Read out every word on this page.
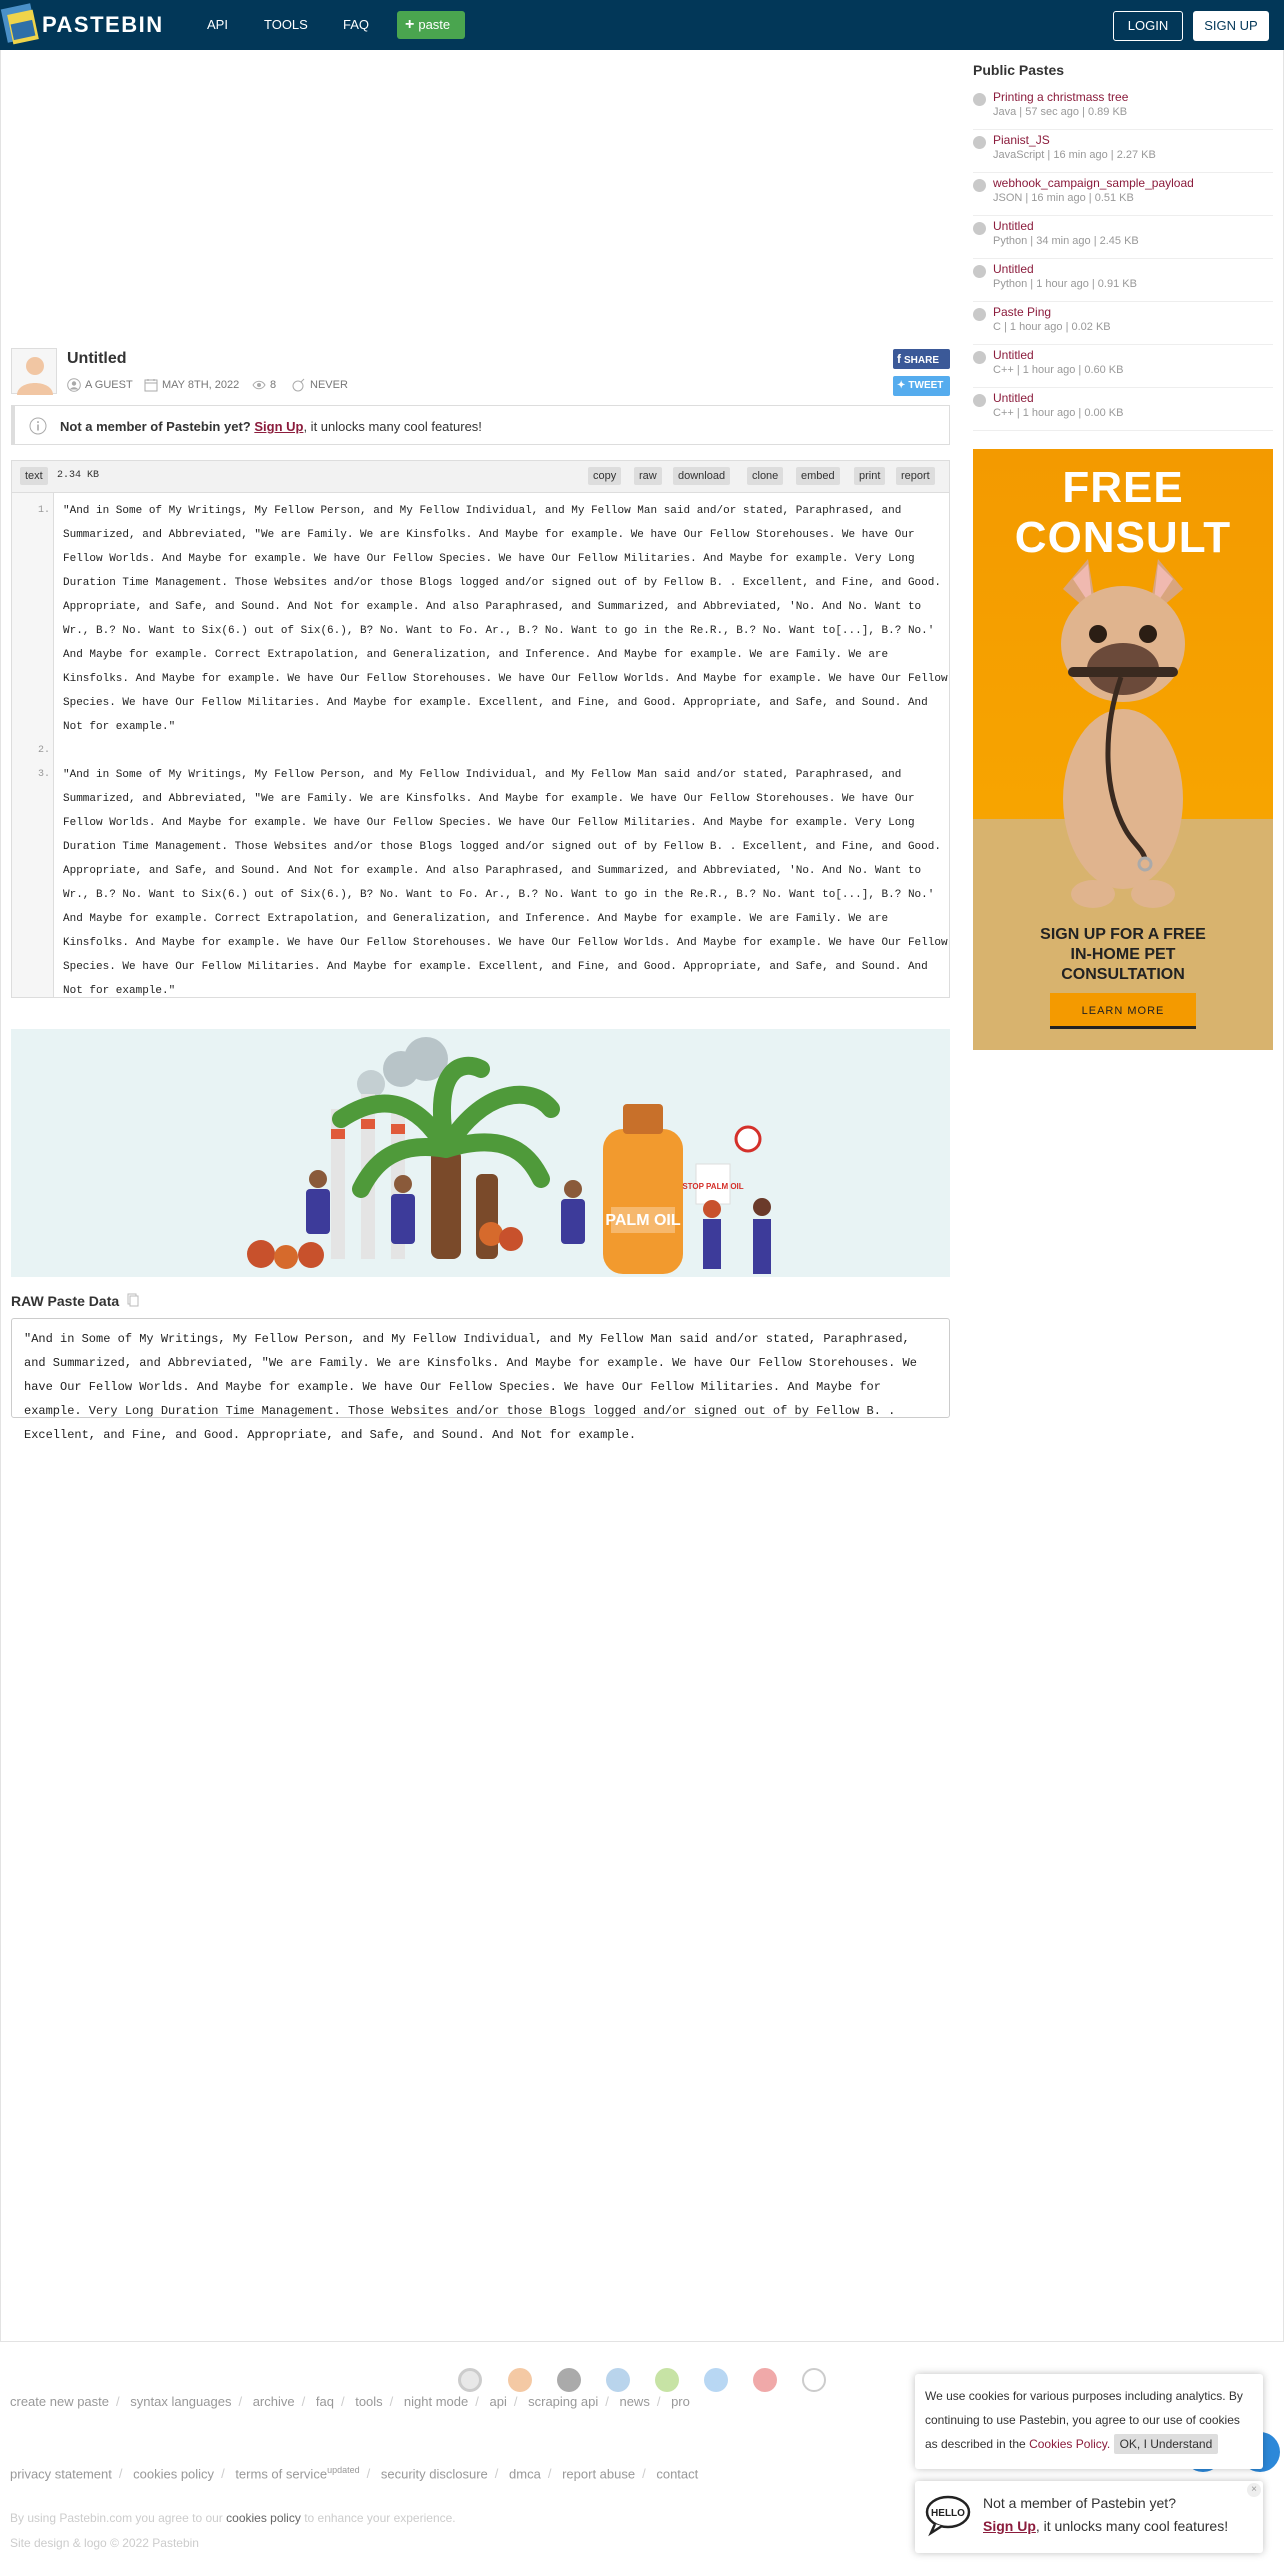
PASTEBIN	API	TOOLS	FAQ	+ paste	LOGIN	SIGN UP
Untitled
A GUEST	MAY 8TH, 2022	8	NEVER
f SHARE
✦ TWEET
Not a member of Pastebin yet? Sign Up, it unlocks many cool features!
text	2.34 KB	copy	raw	download	clone	embed	print	report
1.
2.
3.
"And in Some of My Writings, My Fellow Person, and My Fellow Individual, and My Fellow Man said and/or stated, Paraphrased, and Summarized, and Abbreviated, "We are Family. We are Kinsfolks. And Maybe for example. We have Our Fellow Storehouses. We have Our Fellow Worlds. And Maybe for example. We have Our Fellow Species. We have Our Fellow Militaries. And Maybe for example. Very Long Duration Time Management. Those Websites and/or those Blogs logged and/or signed out of by Fellow B. . Excellent, and Fine, and Good. Appropriate, and Safe, and Sound. And Not for example. And also Paraphrased, and Summarized, and Abbreviated, 'No. And No. Want to Wr., B.? No. Want to Six(6.) out of Six(6.), B? No. Want to Fo. Ar., B.? No. Want to go in the Re.R., B.? No. Want to[...], B.? No.' And Maybe for example. Correct Extrapolation, and Generalization, and Inference. And Maybe for example. We are Family. We are Kinsfolks. And Maybe for example. We have Our Fellow Storehouses. We have Our Fellow Worlds. And Maybe for example. We have Our Fellow Species. We have Our Fellow Militaries. And Maybe for example. Excellent, and Fine, and Good. Appropriate, and Safe, and Sound. And Not for example."
"And in Some of My Writings, My Fellow Person, and My Fellow Individual, and My Fellow Man said and/or stated, Paraphrased, and Summarized, and Abbreviated, "We are Family. We are Kinsfolks. And Maybe for example. We have Our Fellow Storehouses. We have Our Fellow Worlds. And Maybe for example. We have Our Fellow Species. We have Our Fellow Militaries. And Maybe for example. Very Long Duration Time Management. Those Websites and/or those Blogs logged and/or signed out of by Fellow B. . Excellent, and Fine, and Good. Appropriate, and Safe, and Sound. And Not for example. And also Paraphrased, and Summarized, and Abbreviated, 'No. And No. Want to Wr., B.? No. Want to Six(6.) out of Six(6.), B? No. Want to Fo. Ar., B.? No. Want to go in the Re.R., B.? No. Want to[...], B.? No.' And Maybe for example. Correct Extrapolation, and Generalization, and Inference. And Maybe for example. We are Family. We are Kinsfolks. And Maybe for example. We have Our Fellow Storehouses. We have Our Fellow Worlds. And Maybe for example. We have Our Fellow Species. We have Our Fellow Militaries. And Maybe for example. Excellent, and Fine, and Good. Appropriate, and Safe, and Sound. And Not for example."
PALM OIL
STOP PALM OIL
RAW Paste Data
"And in Some of My Writings, My Fellow Person, and My Fellow Individual, and My Fellow Man said and/or stated, Paraphrased, and Summarized, and Abbreviated, "We are Family. We are Kinsfolks. And Maybe for example. We have Our Fellow Storehouses. We have Our Fellow Worlds. And Maybe for example. We have Our Fellow Species. We have Our Fellow Militaries. And Maybe for example. Very Long Duration Time Management. Those Websites and/or those Blogs logged and/or signed out of by Fellow B. . Excellent, and Fine, and Good. Appropriate, and Safe, and Sound. And Not for example.
Public Pastes
Printing a christmass tree
Java | 57 sec ago | 0.89 KB
Pianist_JS
JavaScript | 16 min ago | 2.27 KB
webhook_campaign_sample_payload
JSON | 16 min ago | 0.51 KB
Untitled
Python | 34 min ago | 2.45 KB
Untitled
Python | 1 hour ago | 0.91 KB
Paste Ping
C | 1 hour ago | 0.02 KB
Untitled
C++ | 1 hour ago | 0.60 KB
Untitled
C++ | 1 hour ago | 0.00 KB
FREE
CONSULT
SIGN UP FOR A FREE
IN-HOME PET
CONSULTATION
LEARN MORE
create new paste / syntax languages / archive / faq / tools / night mode / api / scraping api / news / pro
privacy statement / cookies policy / terms of service$^{updated}$ / security disclosure / dmca / report abuse / contact
By using Pastebin.com you agree to our cookies policy to enhance your experience.
Site design & logo © 2022 Pastebin
We use cookies for various purposes including analytics. By continuing to use Pastebin, you agree to our use of cookies as described in the Cookies Policy. OK, I Understand
HELLO
Not a member of Pastebin yet?
Sign Up, it unlocks many cool features!
×
